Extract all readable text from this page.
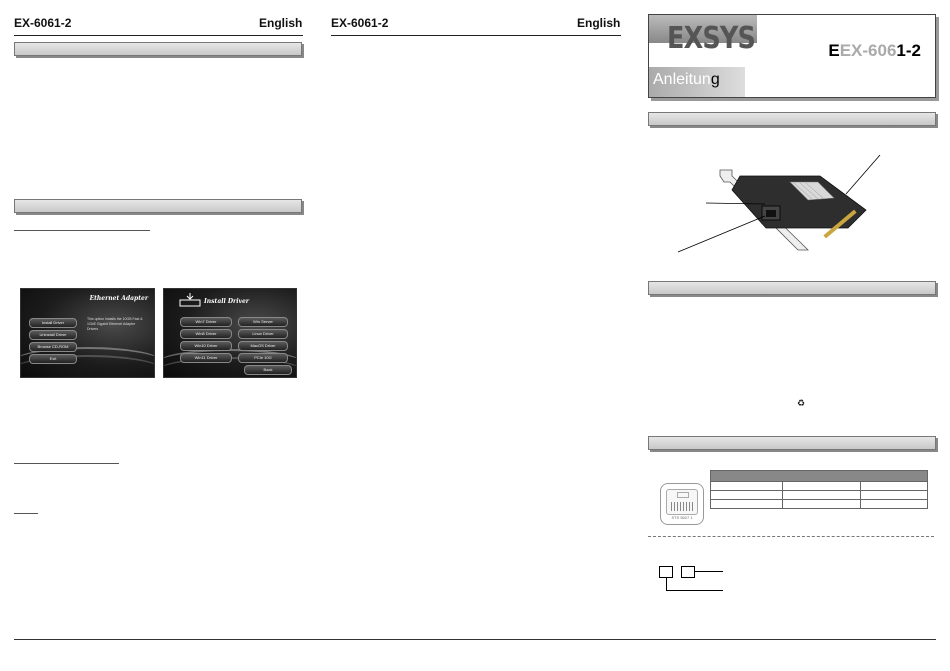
EX-6061-2	English EX-6061-2	English
Ethernet Adapter
This option installs the 10GB Fast & 1GbE Gigabit Ethernet Adapter Drivers
Install Driver
Uninstall Driver
Browse CD-ROM
Exit
Install Driver
Win7 Driver
Win8 Driver
Win10 Driver
Win11 Driver
Win Server
Linux Driver
MacOS Driver
PCIe 10G
Back
EXSYS	EEX-6061-2
Anleitung
♻
STS 5527 1
